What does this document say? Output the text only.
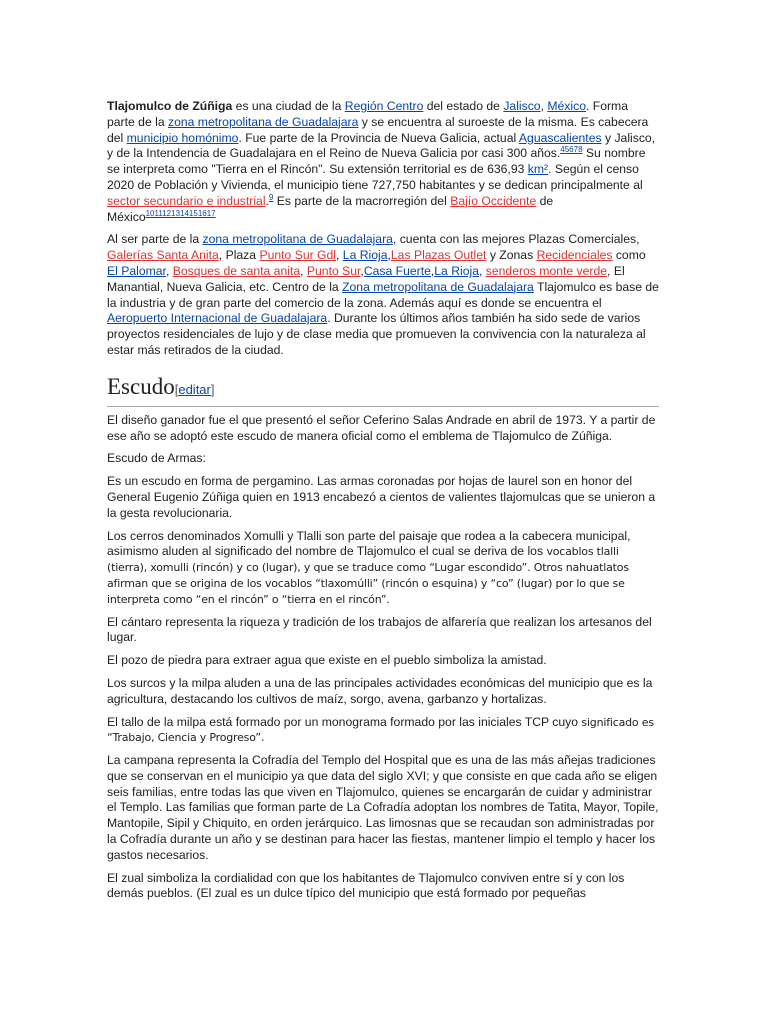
Tlajomulco de Zúñiga es una ciudad de la Región Centro del estado de Jalisco, México. Forma parte de la zona metropolitana de Guadalajara y se encuentra al suroeste de la misma. Es cabecera del municipio homónimo. Fue parte de la Provincia de Nueva Galicia, actual Aguascalientes y Jalisco, y de la Intendencia de Guadalajara en el Reino de Nueva Galicia por casi 300 años.$^{45678}$ Su nombre se interpreta como "Tierra en el Rincón". Su extensión territorial es de 636,93 km². Según el censo 2020 de Población y Vivienda, el municipio tiene 727,750 habitantes y se dedican principalmente al sector secundario e industrial.$^9$ Es parte de la macrorregión del Bajío Occidente de México$^{1011121314151617}$

Al ser parte de la zona metropolitana de Guadalajara, cuenta con las mejores Plazas Comerciales, Galerías Santa Anita, Plaza Punto Sur Gdl, La Rioja,Las Plazas Outlet y Zonas Recidenciales como El Palomar, Bosques de santa anita, Punto Sur,Casa Fuerte,La Rioja, senderos monte verde, El Manantial, Nueva Galicia, etc. Centro de la Zona metropolitana de Guadalajara Tlajomulco es base de la industria y de gran parte del comercio de la zona. Además aquí es donde se encuentra el Aeropuerto Internacional de Guadalajara. Durante los últimos años también ha sido sede de varios proyectos residenciales de lujo y de clase media que promueven la convivencia con la naturaleza al estar más retirados de la ciudad.

Escudo[editar]

El diseño ganador fue el que presentó el señor Ceferino Salas Andrade en abril de 1973. Y a partir de ese año se adoptó este escudo de manera oficial como el emblema de Tlajomulco de Zúñiga.

Escudo de Armas:

Es un escudo en forma de pergamino. Las armas coronadas por hojas de laurel son en honor del General Eugenio Zúñiga quien en 1913 encabezó a cientos de valientes tlajomulcas que se unieron a la gesta revolucionaria.

Los cerros denominados Xomulli y Tlalli son parte del paisaje que rodea a la cabecera municipal, asimismo aluden al significado del nombre de Tlajomulco el cual se deriva de los vocablos tlalli (tierra), xomulli (rincón) y co (lugar), y que se traduce como “Lugar escondido”. Otros nahuatlatos afirman que se origina de los vocablos “tlaxomúlli” (rincón o esquina) y “co” (lugar) por lo que se interpreta como “en el rincón” o “tierra en el rincón”.

El cántaro representa la riqueza y tradición de los trabajos de alfarería que realizan los artesanos del lugar.

El pozo de piedra para extraer agua que existe en el pueblo simboliza la amistad.

Los surcos y la milpa aluden a una de las principales actividades económicas del municipio que es la agricultura, destacando los cultivos de maíz, sorgo, avena, garbanzo y hortalizas.

El tallo de la milpa está formado por un monograma formado por las iniciales TCP cuyo significado es “Trabajo, Ciencia y Progreso”.

La campana representa la Cofradía del Templo del Hospital que es una de las más añejas tradiciones que se conservan en el municipio ya que data del siglo XVI; y que consiste en que cada año se eligen seis familias, entre todas las que viven en Tlajomulco, quienes se encargarán de cuidar y administrar el Templo. Las familias que forman parte de La Cofradía adoptan los nombres de Tatita, Mayor, Topile, Mantopile, Sipil y Chiquito, en orden jerárquico. Las limosnas que se recaudan son administradas por la Cofradía durante un año y se destinan para hacer las fiestas, mantener limpio el templo y hacer los gastos necesarios.

El zual simboliza la cordialidad con que los habitantes de Tlajomulco conviven entre sí y con los demás pueblos. (El zual es un dulce típico del municipio que está formado por pequeñas
